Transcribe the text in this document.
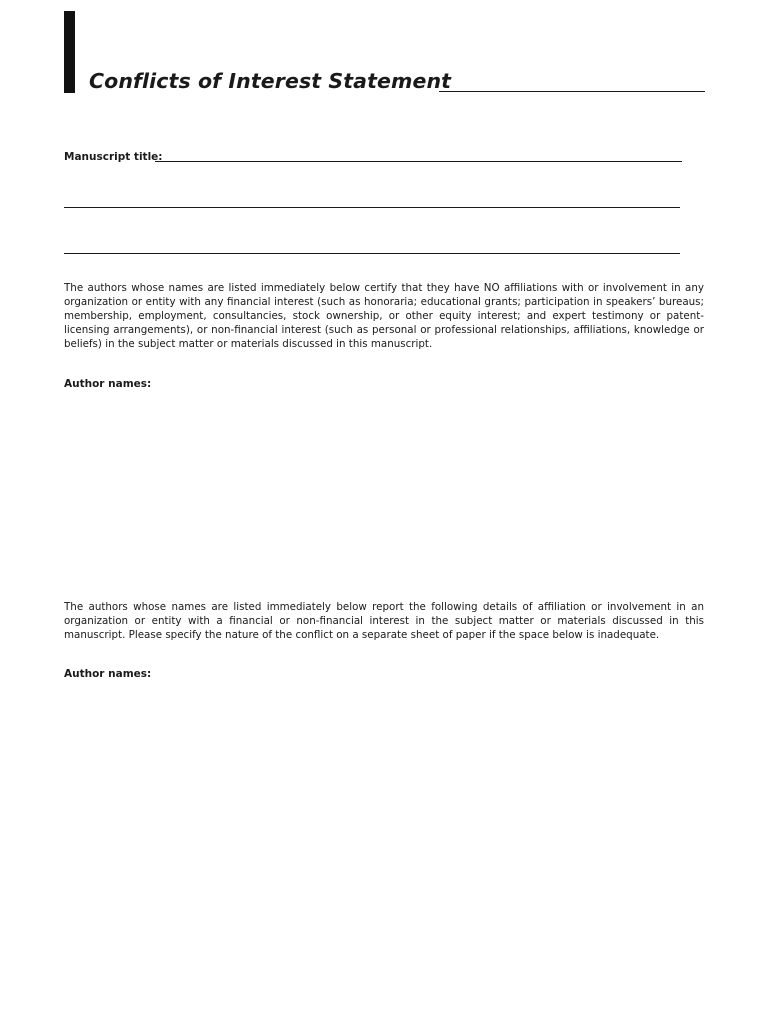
Conflicts of Interest Statement
Manuscript title:

The authors whose names are listed immediately below certify that they have NO affiliations with or involvement in any organization or entity with any financial interest (such as honoraria; educational grants; participation in speakers’ bureaus; membership, employment, consultancies, stock ownership, or other equity interest; and expert testimony or patent-licensing arrangements), or non-financial interest (such as personal or professional relationships, affiliations, knowledge or beliefs) in the subject matter or materials discussed in this manuscript.

Author names:

The authors whose names are listed immediately below report the following details of affiliation or involvement in an organization or entity with a financial or non-financial interest in the subject matter or materials discussed in this manuscript. Please specify the nature of the conflict on a separate sheet of paper if the space below is inadequate.

Author names:
